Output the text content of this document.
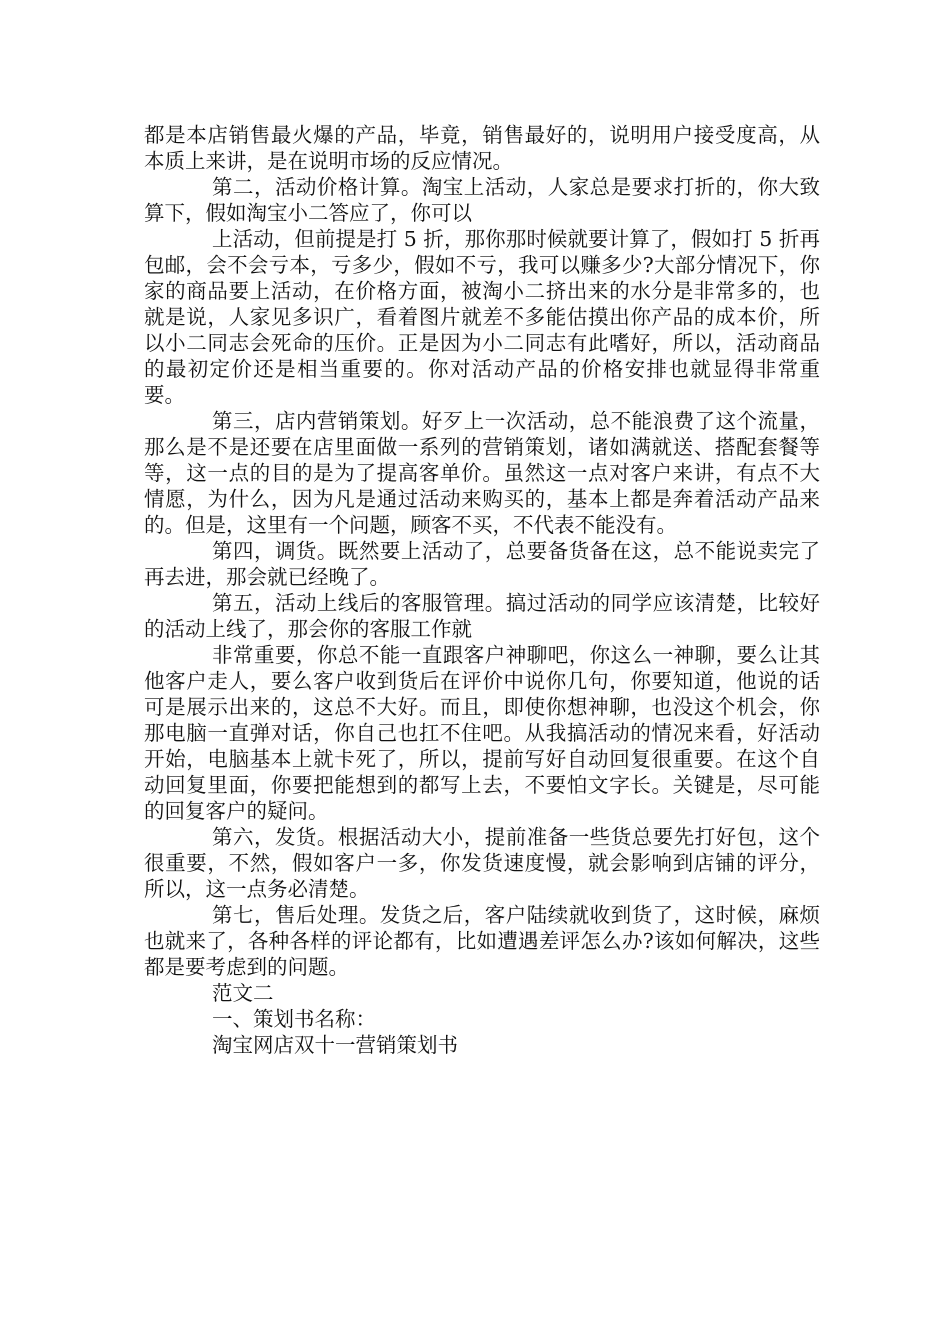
都是本店销售最火爆的产品，毕竟，销售最好的，说明用户接受度高，从本质上来讲，是在说明市场的反应情况。

第二，活动价格计算。淘宝上活动，人家总是要求打折的，你大致算下，假如淘宝小二答应了，你可以

上活动，但前提是打 5 折，那你那时候就要计算了，假如打 5 折再包邮，会不会亏本，亏多少，假如不亏，我可以赚多少?大部分情况下，你家的商品要上活动，在价格方面，被淘小二挤出来的水分是非常多的，也就是说，人家见多识广，看着图片就差不多能估摸出你产品的成本价，所以小二同志会死命的压价。正是因为小二同志有此嗜好，所以，活动商品的最初定价还是相当重要的。你对活动产品的价格安排也就显得非常重要。

第三，店内营销策划。好歹上一次活动，总不能浪费了这个流量，那么是不是还要在店里面做一系列的营销策划，诸如满就送、搭配套餐等等，这一点的目的是为了提高客单价。虽然这一点对客户来讲，有点不大情愿，为什么，因为凡是通过活动来购买的，基本上都是奔着活动产品来的。但是，这里有一个问题，顾客不买，不代表不能没有。

第四，调货。既然要上活动了，总要备货备在这，总不能说卖完了再去进，那会就已经晚了。

第五，活动上线后的客服管理。搞过活动的同学应该清楚，比较好的活动上线了，那会你的客服工作就

非常重要，你总不能一直跟客户神聊吧，你这么一神聊，要么让其他客户走人，要么客户收到货后在评价中说你几句，你要知道，他说的话可是展示出来的，这总不大好。而且，即使你想神聊，也没这个机会，你那电脑一直弹对话，你自己也扛不住吧。从我搞活动的情况来看，好活动开始，电脑基本上就卡死了，所以，提前写好自动回复很重要。在这个自动回复里面，你要把能想到的都写上去，不要怕文字长。关键是，尽可能的回复客户的疑问。

第六，发货。根据活动大小，提前准备一些货总要先打好包，这个很重要，不然，假如客户一多，你发货速度慢，就会影响到店铺的评分，所以，这一点务必清楚。

第七，售后处理。发货之后，客户陆续就收到货了，这时候，麻烦也就来了，各种各样的评论都有，比如遭遇差评怎么办?该如何解决，这些都是要考虑到的问题。

范文二

一、策划书名称：

淘宝网店双十一营销策划书
